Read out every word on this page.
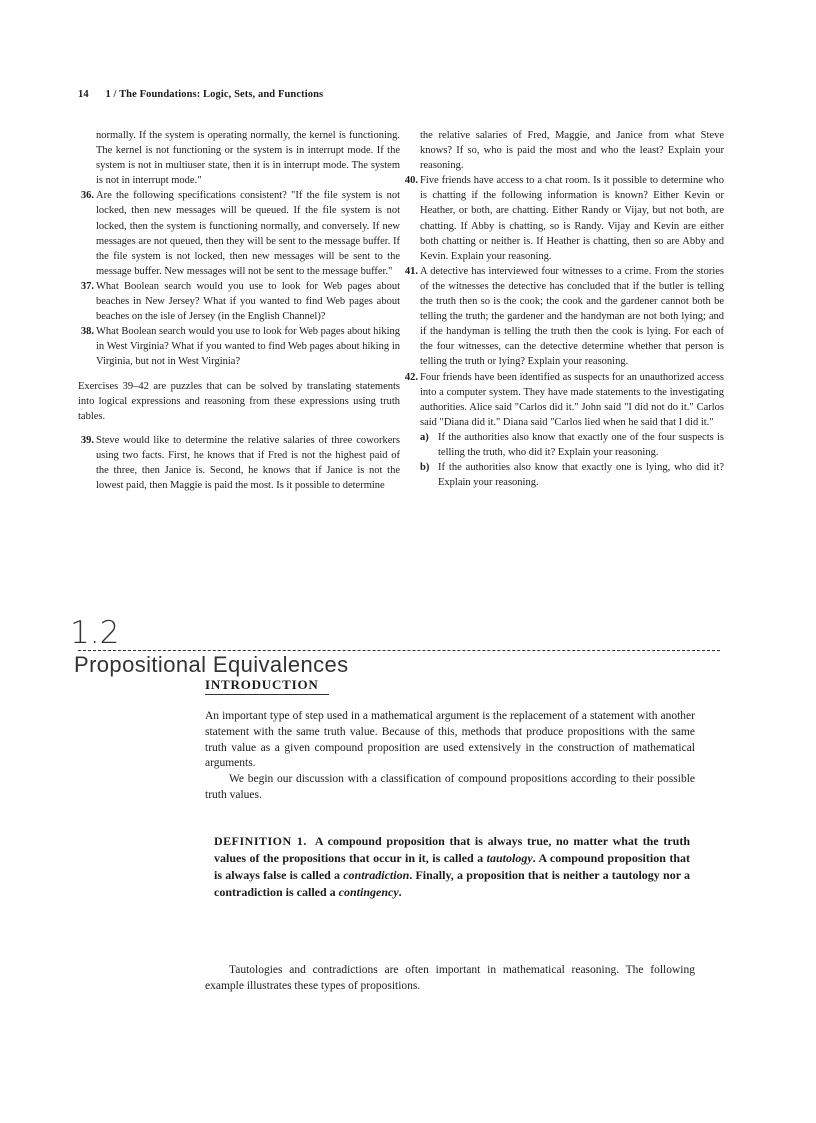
14 1 / The Foundations: Logic, Sets, and Functions

normally. If the system is operating normally, the kernel is functioning. The kernel is not functioning or the system is in interrupt mode. If the system is not in multiuser state, then it is in interrupt mode. The system is not in interrupt mode."

36. Are the following specifications consistent? "If the file system is not locked, then new messages will be queued. If the file system is not locked, then the system is functioning normally, and conversely. If new messages are not queued, then they will be sent to the message buffer. If the file system is not locked, then new messages will be sent to the message buffer. New messages will not be sent to the message buffer."
37. What Boolean search would you use to look for Web pages about beaches in New Jersey? What if you wanted to find Web pages about beaches on the isle of Jersey (in the English Channel)?
38. What Boolean search would you use to look for Web pages about hiking in West Virginia? What if you wanted to find Web pages about hiking in Virginia, but not in West Virginia?

Exercises 39–42 are puzzles that can be solved by translating statements into logical expressions and reasoning from these expressions using truth tables.

39. Steve would like to determine the relative salaries of three coworkers using two facts. First, he knows that if Fred is not the highest paid of the three, then Janice is. Second, he knows that if Janice is not the lowest paid, then Maggie is paid the most. Is it possible to determine

the relative salaries of Fred, Maggie, and Janice from what Steve knows? If so, who is paid the most and who the least? Explain your reasoning.

40. Five friends have access to a chat room. Is it possible to determine who is chatting if the following information is known? Either Kevin or Heather, or both, are chatting. Either Randy or Vijay, but not both, are chatting. If Abby is chatting, so is Randy. Vijay and Kevin are either both chatting or neither is. If Heather is chatting, then so are Abby and Kevin. Explain your reasoning.
41. A detective has interviewed four witnesses to a crime. From the stories of the witnesses the detective has concluded that if the butler is telling the truth then so is the cook; the cook and the gardener cannot both be telling the truth; the gardener and the handyman are not both lying; and if the handyman is telling the truth then the cook is lying. For each of the four witnesses, can the detective determine whether that person is telling the truth or lying? Explain your reasoning.
42. Four friends have been identified as suspects for an unauthorized access into a computer system. They have made statements to the investigating authorities. Alice said "Carlos did it." John said "I did not do it." Carlos said "Diana did it." Diana said "Carlos lied when he said that I did it."
a) If the authorities also know that exactly one of the four suspects is telling the truth, who did it? Explain your reasoning.
b) If the authorities also know that exactly one is lying, who did it? Explain your reasoning.
1.2
Propositional Equivalences
INTRODUCTION

An important type of step used in a mathematical argument is the replacement of a statement with another statement with the same truth value. Because of this, methods that produce propositions with the same truth value as a given compound proposition are used extensively in the construction of mathematical arguments.

We begin our discussion with a classification of compound propositions according to their possible truth values.

DEFINITION 1. A compound proposition that is always true, no matter what the truth values of the propositions that occur in it, is called a tautology. A compound proposition that is always false is called a contradiction. Finally, a proposition that is neither a tautology nor a contradiction is called a contingency.

Tautologies and contradictions are often important in mathematical reasoning. The following example illustrates these types of propositions.
